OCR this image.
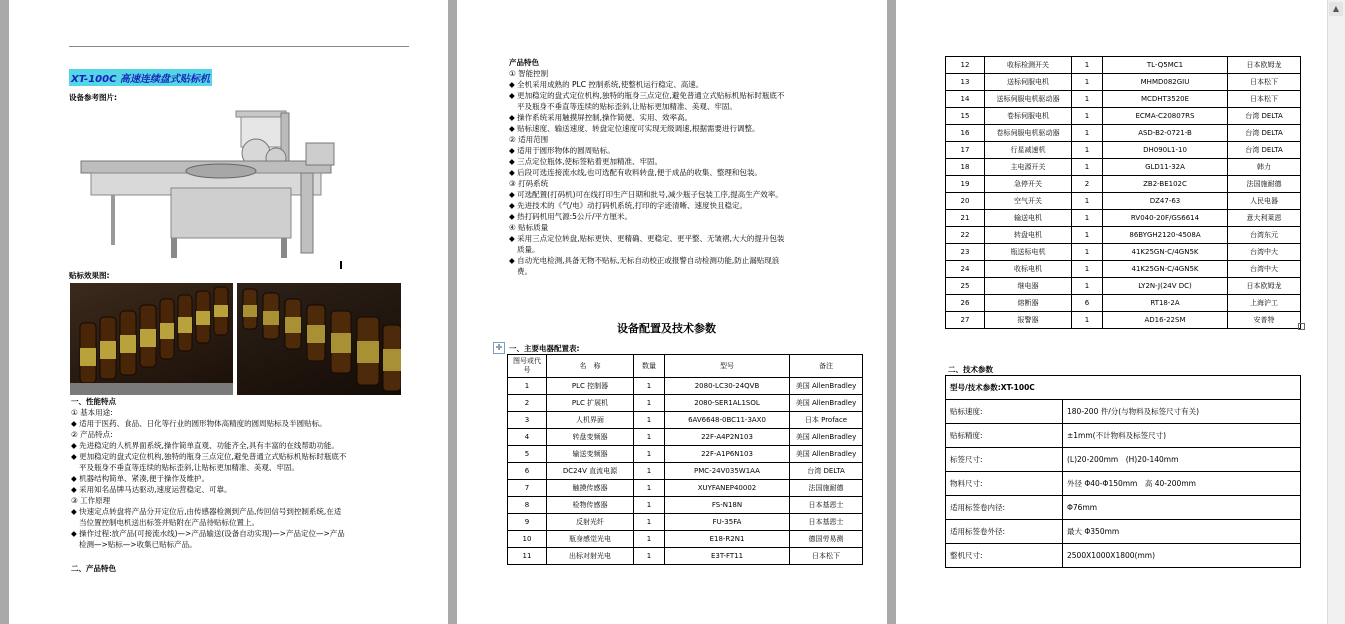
XT-100C 高速连续盘式贴标机
设备参考图片:
贴标效果图:
一、性能特点
① 基本用途:
◆ 适用于医药、食品、日化等行业的圆形物体高精度的圆周贴标及半圆贴标。
② 产品特点:
◆ 先进稳定的人机界面系统,操作简单直观、功能齐全,具有丰富的在线帮助功能。
◆ 更加稳定的盘式定位机构,独特的瓶身三点定位,避免普通立式贴标机贴标时瓶底不
平及瓶身不垂直等连续的贴标歪斜,让贴标更加精准、美观、牢固。
◆ 机器结构简单、紧凑,便于操作及维护。
◆ 采用知名品牌马达驱动,速度运营稳定、可靠。
③ 工作原理
◆ 快速定点转盘将产品分开定位后,由传感器检测到产品,传回信号到控制系统,在适
当位置控制电机送出标签并贴附在产品待贴标位置上。
◆ 操作过程:放产品(可接流水线)—>产品输送(设备自动实现)—>产品定位—>产品
检测—>贴标—>收集已贴标产品。
二、产品特色
产品特色
① 智能控制
◆ 全机采用成熟的 PLC 控制系统,使整机运行稳定、高速。
◆ 更加稳定的盘式定位机构,独特的瓶身三点定位,避免普通立式贴标机贴标时瓶底不
平及瓶身不垂直等连续的贴标歪斜,让贴标更加精准、美观、牢固。
◆ 操作系统采用触摸屏控制,操作简便、实用、效率高。
◆ 贴标速度、输送速度、转盘定位速度可实现无级调速,根据需要进行调整。
② 适用范围
◆ 适用于圆形物体的圆周贴标。
◆ 三点定位瓶体,使标签粘着更加精准、牢固。
◆ 后段可选连接流水线,也可选配有收料转盘,便于成品的收集、整理和包装。
③ 打码系统
◆ 可选配置(打码机)可在线打印生产日期和批号,减少瓶子包装工序,提高生产效率。
◆ 先进技术的《气/电》动打码机系统,打印的字迹清晰、速度快且稳定。
◆ 热打码机用气源:5公斤/平方厘米。
④ 贴标质量
◆ 采用三点定位转盘,贴标更快、更精确、更稳定、更平整、无皱褶,大大的提升包装
质量。
◆ 自动光电检测,具备无物不贴标,无标自动校正或报警自动检测功能,防止漏贴现浪
费。
设备配置及技术参数
✛ 一、主要电器配置表:
图号或代号	名　称	数量	型号	备注
1	PLC 控制器	1	2080-LC30-24QVB	美国 AllenBradley
2	PLC 扩展机	1	2080-SER1AL1SOL	美国 AllenBradley
3	人机界面	1	6AV6648-0BC11-3AX0	日本 Proface
4	转盘变频器	1	22F-A4P2N103	美国 AllenBradley
5	输送变频器	1	22F-A1P6N103	美国 AllenBradley
6	DC24V 直流电源	1	PMC-24V035W1AA	台湾 DELTA
7	触摸传感器	1	XUYFANEP40002	法国施耐德
8	检物传感器	1	FS-N18N	日本基恩士
9	反射光纤	1	FU-35FA	日本基恩士
10	瓶身感觉光电	1	E18-R2N1	德国劳易测
11	出标对射光电	1	E3T-FT11	日本松下
12	收标检测开关	1	TL-Q5MC1	日本欧姆龙
13	送标伺服电机	1	MHMD082GIU	日本松下
14	送标伺服电机驱动器	1	MCDHT3520E	日本松下
15	卷标伺服电机	1	ECMA-C20807RS	台湾 DELTA
16	卷标伺服电机驱动器	1	ASD-B2-0721-B	台湾 DELTA
17	行星减速机	1	DH090L1-10	台湾 DELTA
18	主电源开关	1	GLD11-32A	韩力
19	急停开关	2	ZB2-BE102C	法国施耐德
20	空气开关	1	DZ47-63	人民电器
21	输送电机	1	RV040-20F/GS6614	意大利莱恩
22	转盘电机	1	86BYGH2120-4508A	台湾东元
23	瓶送标电机	1	41K25GN-C/4GN5K	台湾中大
24	收标电机	1	41K25GN-C/4GN5K	台湾中大
25	继电器	1	LY2N-J(24V DC)	日本欧姆龙
26	熔断器	6	RT18-2A	上海沪工
27	报警器	1	AD16-22SM	安普特
二、技术参数
型号/技术参数:XT-100C	
贴标速度:	180-200 件/分(与物料及标签尺寸有关)
贴标精度:	±1mm(不计物料及标签尺寸)
标签尺寸:	(L)20-200mm　(H)20-140mm
物料尺寸:	外径 Φ40-Φ150mm　高 40-200mm
适用标签卷内径:	Φ76mm
适用标签卷外径:	最大 Φ350mm
整机尺寸:	2500X1000X1800(mm)
▲
